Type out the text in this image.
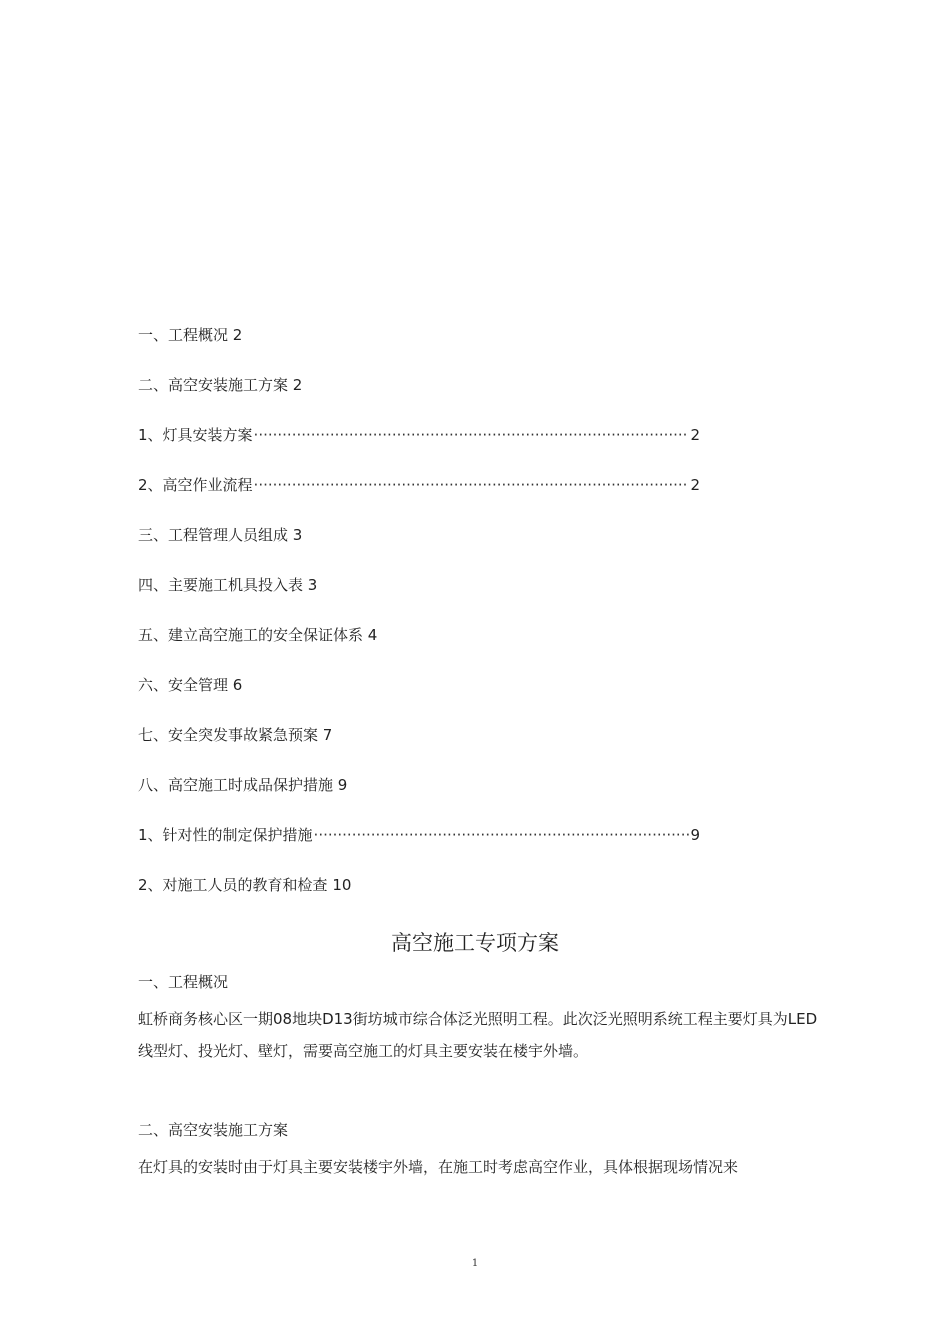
一、工程概况 2
二、高空安装施工方案 2
1、灯具安装方案 ·····	2
2、高空作业流程 ·····	2
三、工程管理人员组成 3
四、主要施工机具投入表 3
五、建立高空施工的安全保证体系 4
六、安全管理 6
七、安全突发事故紧急预案 7
八、高空施工时成品保护措施 9
1、针对性的制定保护措施 ·····	9
2、对施工人员的教育和检查 10
高空施工专项方案
一、工程概况
虹桥商务核心区一期08地块D13街坊城市综合体泛光照明工程。此次泛光照明系统工程主要灯具为LED线型灯、投光灯、壁灯，需要高空施工的灯具主要安装在楼宇外墙。
二、高空安装施工方案
在灯具的安装时由于灯具主要安装楼宇外墙，在施工时考虑高空作业，具体根据现场情况来
1
